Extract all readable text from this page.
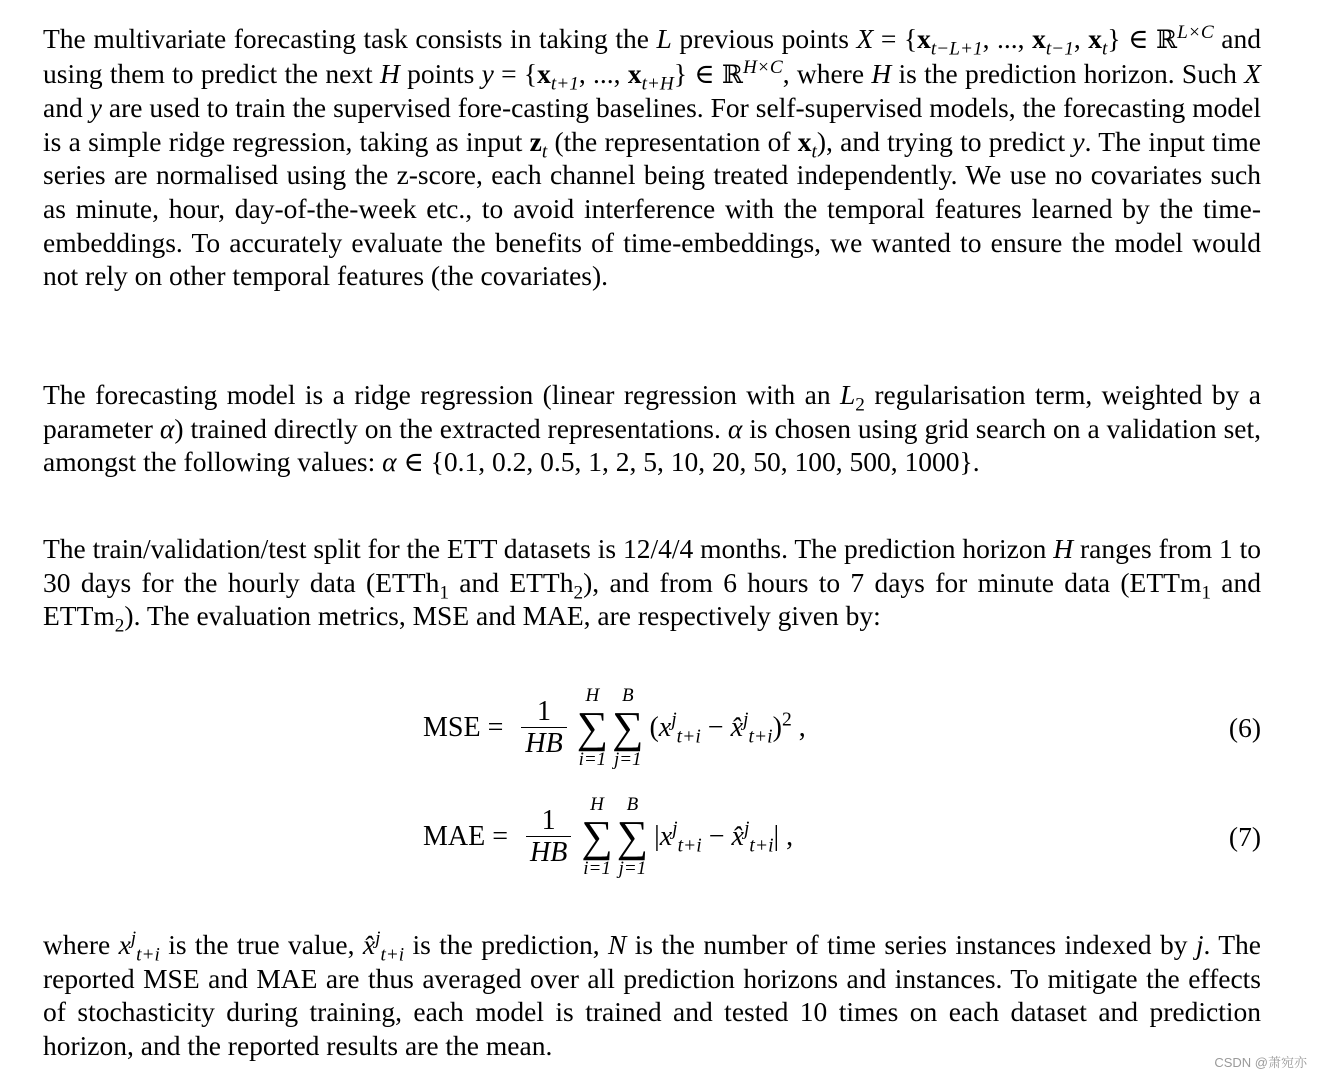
The multivariate forecasting task consists in taking the L previous points $X = \{x_{t-L+1}$, ..., $x_{t-1}$, $x_t$} ∈ ℝ$^{L\times C}$ and using them to predict the next H points $y = \{x_{t+1}$, ..., $x_{t+H}$} ∈ ℝ$^{H\times C}$, where H is the prediction horizon. Such X and y are used to train the supervised fore-casting baselines. For self-supervised models, the forecasting model is a simple ridge regression, taking as input $z_t$ (the representation of $x_t$), and trying to predict y. The input time series are normalised using the z-score, each channel being treated independently. We use no covariates such as minute, hour, day-of-the-week etc., to avoid interference with the temporal features learned by the time-embeddings. To accurately evaluate the benefits of time-embeddings, we wanted to ensure the model would not rely on other temporal features (the covariates).

The forecasting model is a ridge regression (linear regression with an $L_2$ regularisation term, weighted by a parameter α) trained directly on the extracted representations. α is chosen using grid search on a validation set, amongst the following values: α ∈ {0.1, 0.2, 0.5, 1, 2, 5, 10, 20, 50, 100, 500, 1000}.

The train/validation/test split for the ETT datasets is 12/4/4 months. The prediction horizon H ranges from 1 to 30 days for the hourly data (ETTh$_1$ and ETTh$_2$), and from 6 hours to 7 days for minute data (ETTm$_1$ and ETTm$_2$). The evaluation metrics, MSE and MAE, are respectively given by:

MSE = $\frac{1}{HB}$
H
∑
i=1
B
∑
j=1
($x^j_{t+i}$ − x̂$^j_{t+i}$)$^2$ ,	(6)
MAE = $\frac{1}{HB}$
H
∑
i=1
B
∑
j=1
$|x^j_{t+i}$ − x̂$^j_{t+i}$| ,	(7)

where $x^j_{t+i}$ is the true value, x̂$^j_{t+i}$ is the prediction, N is the number of time series instances indexed by j. The reported MSE and MAE are thus averaged over all prediction horizons and instances. To mitigate the effects of stochasticity during training, each model is trained and tested 10 times on each dataset and prediction horizon, and the reported results are the mean.

CSDN @萧宛亦
